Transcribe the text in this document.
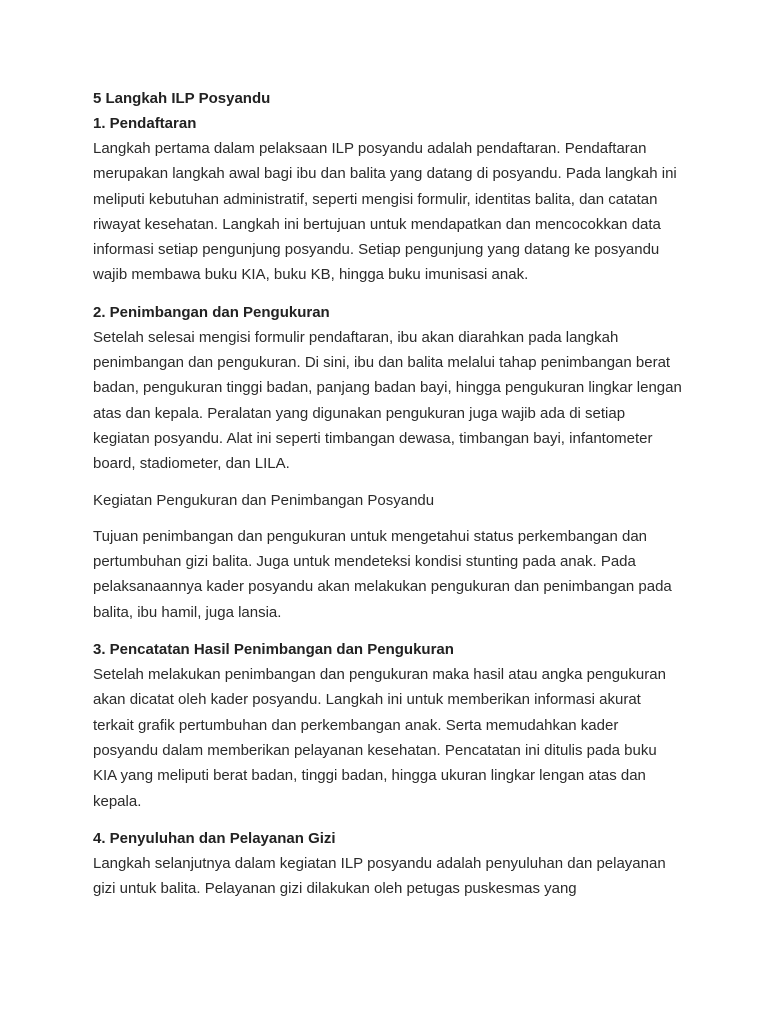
5 Langkah ILP Posyandu

1. Pendaftaran

Langkah pertama dalam pelaksaan ILP posyandu adalah pendaftaran. Pendaftaran merupakan langkah awal bagi ibu dan balita yang datang di posyandu. Pada langkah ini meliputi kebutuhan administratif, seperti mengisi formulir, identitas balita, dan catatan riwayat kesehatan. Langkah ini bertujuan untuk mendapatkan dan mencocokkan data informasi setiap pengunjung posyandu. Setiap pengunjung yang datang ke posyandu wajib membawa buku KIA, buku KB, hingga buku imunisasi anak.

2. Penimbangan dan Pengukuran

Setelah selesai mengisi formulir pendaftaran, ibu akan diarahkan pada langkah penimbangan dan pengukuran. Di sini, ibu dan balita melalui tahap penimbangan berat badan, pengukuran tinggi badan, panjang badan bayi, hingga pengukuran lingkar lengan atas dan kepala. Peralatan yang digunakan pengukuran juga wajib ada di setiap kegiatan posyandu. Alat ini seperti timbangan dewasa, timbangan bayi, infantometer board, stadiometer, dan LILA.

Kegiatan Pengukuran dan Penimbangan Posyandu

Tujuan penimbangan dan pengukuran untuk mengetahui status perkembangan dan pertumbuhan gizi balita. Juga untuk mendeteksi kondisi stunting pada anak. Pada pelaksanaannya kader posyandu akan melakukan pengukuran dan penimbangan pada balita, ibu hamil, juga lansia.

3. Pencatatan Hasil Penimbangan dan Pengukuran

Setelah melakukan penimbangan dan pengukuran maka hasil atau angka pengukuran akan dicatat oleh kader posyandu. Langkah ini untuk memberikan informasi akurat terkait grafik pertumbuhan dan perkembangan anak. Serta memudahkan kader posyandu dalam memberikan pelayanan kesehatan. Pencatatan ini ditulis pada buku KIA yang meliputi berat badan, tinggi badan, hingga ukuran lingkar lengan atas dan kepala.

4. Penyuluhan dan Pelayanan Gizi

Langkah selanjutnya dalam kegiatan ILP posyandu adalah penyuluhan dan pelayanan gizi untuk balita. Pelayanan gizi dilakukan oleh petugas puskesmas yang
